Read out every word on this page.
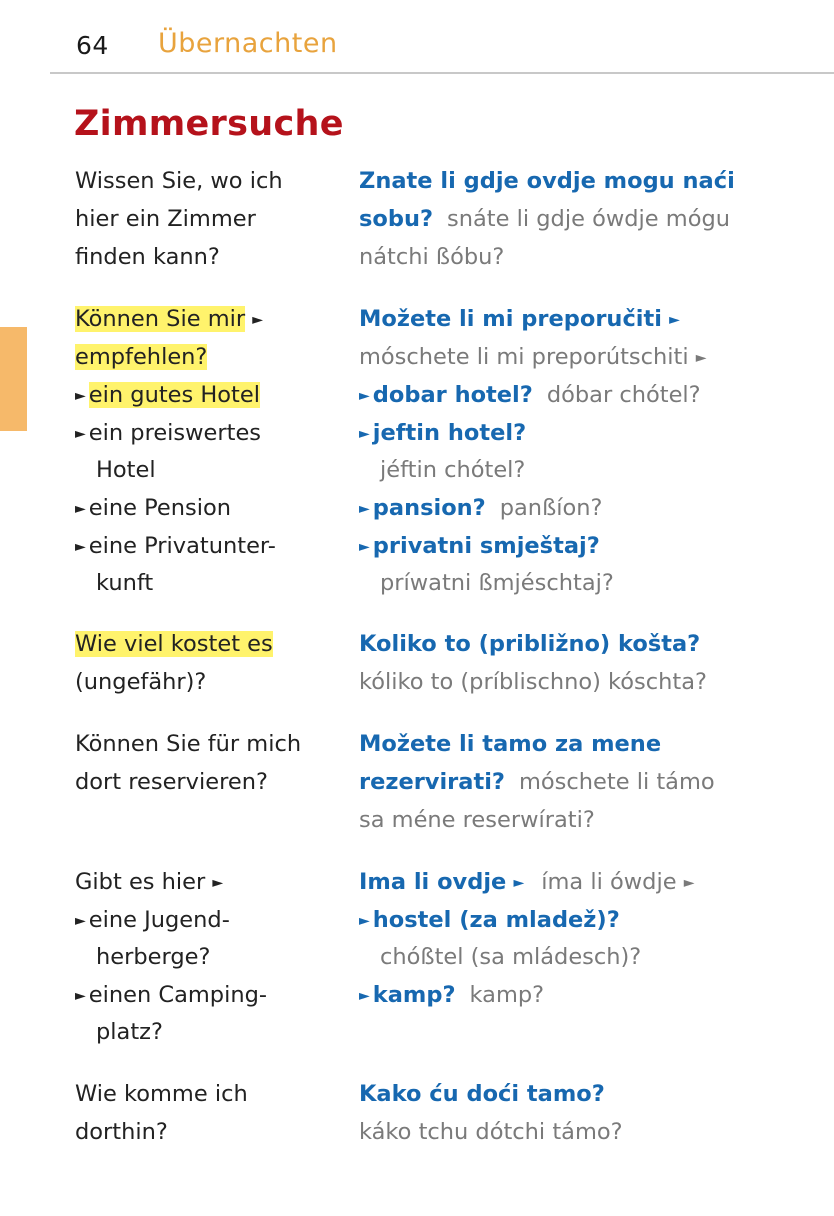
64 Übernachten
Zimmersuche
Wissen Sie, wo ich
hier ein Zimmer
finden kann?
Znate li gdje ovdje mogu naći
sobu? snáte li gdje ówdje mógu
nátchi ßóbu?
Können Sie mir ►
empfehlen?
► ein gutes Hotel
► ein preiswertes
Hotel
► eine Pension
► eine Privatunter-
kunft
Možete li mi preporučiti ►
móschete li mi preporútschiti ►
► dobar hotel? dóbar chótel?
► jeftin hotel?
jéftin chótel?
► pansion? panßíon?
► privatni smještaj?
príwatni ßmjéschtaj?
Wie viel kostet es
(ungefähr)?
Koliko to (približno) košta?
kóliko to (príblischno) kóschta?
Können Sie für mich
dort reservieren?
Možete li tamo za mene
rezervirati? móschete li támo
sa méne reserwírati?
Gibt es hier ►
► eine Jugend-
herberge?
► einen Camping-
platz?
Ima li ovdje ► íma li ówdje ►
► hostel (za mladež)?
chóßtel (sa mládesch)?
► kamp? kamp?
Wie komme ich
dorthin?
Kako ću doći tamo?
káko tchu dótchi támo?
